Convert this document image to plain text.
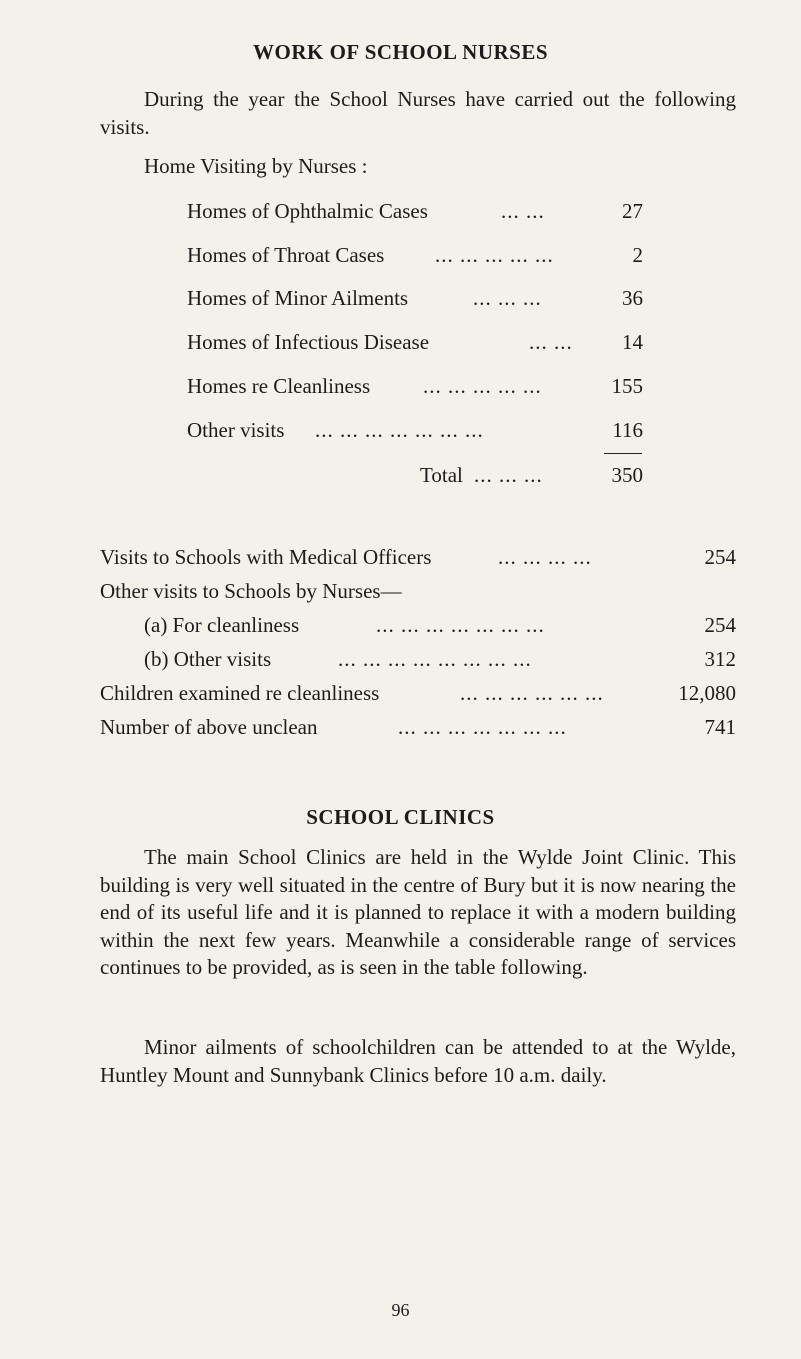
WORK OF SCHOOL NURSES
During the year the School Nurses have carried out the following visits.
Home Visiting by Nurses :
Homes of Ophthalmic Cases	... ...	27
Homes of Throat Cases ... ... ... ... ...	2
Homes of Minor Ailments	... ... ...	36
Homes of Infectious Disease	... ... 14
Homes re Cleanliness	... ... ... ... ...	155
Other visits ... ... ... ... ... ... ...	116
Total ... ... ...	350
Visits to Schools with Medical Officers	... ... ... ...	254
Other visits to Schools by Nurses—
(a) For cleanliness	... ... ... ... ... ... ...	254
(b) Other visits	... ... ... ... ... ... ... ...	312
Children examined re cleanliness	... ... ... ... ... ...	12,080
Number of above unclean	... ... ... ... ... ... ...	741
SCHOOL CLINICS
The main School Clinics are held in the Wylde Joint Clinic. This building is very well situated in the centre of Bury but it is now nearing the end of its useful life and it is planned to replace it with a modern building within the next few years. Meanwhile a considerable range of services continues to be provided, as is seen in the table following.
Minor ailments of schoolchildren can be attended to at the Wylde, Huntley Mount and Sunnybank Clinics before 10 a.m. daily.
96
